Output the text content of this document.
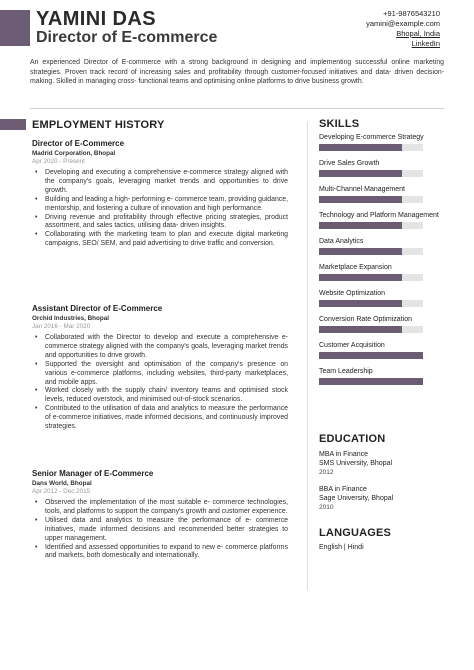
YAMINI DAS
Director of E-commerce
+91-9876543210
yamini@example.com
Bhopal, India
LinkedIn
An experienced Director of E-commerce with a strong background in designing and implementing successful online marketing strategies. Proven track record of increasing sales and profitability through customer-focused initiatives and data- driven decision- making. Skilled in managing cross- functional teams and optimising online platforms to drive business growth.
EMPLOYMENT HISTORY
Director of E-Commerce
Madrid Corporation, Bhopal
Apr 2020 - Present
• Developing and executing a comprehensive e-commerce strategy aligned with the company's goals, leveraging market trends and opportunities to drive growth.
• Building and leading a high- performing e- commerce team, providing guidance, mentorship, and fostering a culture of innovation and high performance.
• Driving revenue and profitability through effective pricing strategies, product assortment, and sales tactics, utilising data- driven insights.
• Collaborating with the marketing team to plan and execute digital marketing campaigns, SEO/ SEM, and paid advertising to drive traffic and conversion.
Assistant Director of E-Commerce
Orchid Industries, Bhopal
Jan 2016 - Mar 2020
• Collaborated with the Director to develop and execute a comprehensive e-commerce strategy aligned with the company's goals, leveraging market trends and opportunities to drive growth.
• Supported the oversight and optimisation of the company's presence on various e-commerce platforms, including websites, third-party marketplaces, and mobile apps.
• Worked closely with the supply chain/ inventory teams and optimised stock levels, reduced overstock, and minimised out-of-stock scenarios.
• Contributed to the utilisation of data and analytics to measure the performance of e-commerce initiatives, made informed decisions, and continuously improved strategies.
Senior Manager of E-Commerce
Dans World, Bhopal
Apr 2012 - Dec 2015
• Observed the implementation of the most suitable e- commerce technologies, tools, and platforms to support the company's growth and customer experience.
• Utilised data and analytics to measure the performance of e- commerce initiatives, made informed decisions and recommended better strategies to upper management.
• Identified and assessed opportunities to expand to new e- commerce platforms and markets, both domestically and internationally.
SKILLS
Developing E-commerce Strategy
Drive Sales Growth
Multi-Channel Management
Technology and Platform Management
Data Analytics
Marketplace Expansion
Website Optimization
Conversion Rate Optimization
Customer Acquisition
Team Leadership
EDUCATION
MBA in Finance
SMS University, Bhopal
2012
BBA in Finance
Sage University, Bhopal
2010
LANGUAGES
English | Hindi
